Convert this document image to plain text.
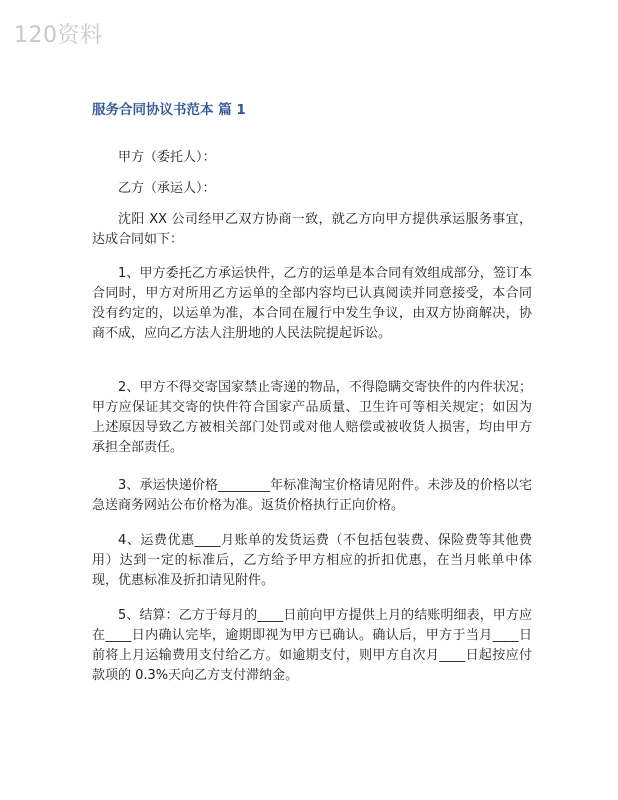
120资料
服务合同协议书范本 篇 1

甲方（委托人）：

乙方（承运人）：

沈阳 XX 公司经甲乙双方协商一致，就乙方向甲方提供承运服务事宜，达成合同如下：

1、甲方委托乙方承运快件，乙方的运单是本合同有效组成部分，签订本合同时，甲方对所用乙方运单的全部内容均已认真阅读并同意接受，本合同没有约定的，以运单为准，本合同在履行中发生争议，由双方协商解决，协商不成，应向乙方法人注册地的人民法院提起诉讼。

2、甲方不得交寄国家禁止寄递的物品，不得隐瞒交寄快件的内件状况；甲方应保证其交寄的快件符合国家产品质量、卫生许可等相关规定；如因为上述原因导致乙方被相关部门处罚或对他人赔偿或被收货人损害，均由甲方承担全部责任。

3、承运快递价格________年标准淘宝价格请见附件。未涉及的价格以宅急送商务网站公布价格为准。返货价格执行正向价格。

4、运费优惠____月账单的发货运费（不包括包装费、保险费等其他费用）达到一定的标准后，乙方给予甲方相应的折扣优惠，在当月帐单中体现，优惠标准及折扣请见附件。

5、结算：乙方于每月的____日前向甲方提供上月的结账明细表，甲方应在____日内确认完毕，逾期即视为甲方已确认。确认后，甲方于当月____日前将上月运输费用支付给乙方。如逾期支付，则甲方自次月____日起按应付款项的 0.3%天向乙方支付滞纳金。
